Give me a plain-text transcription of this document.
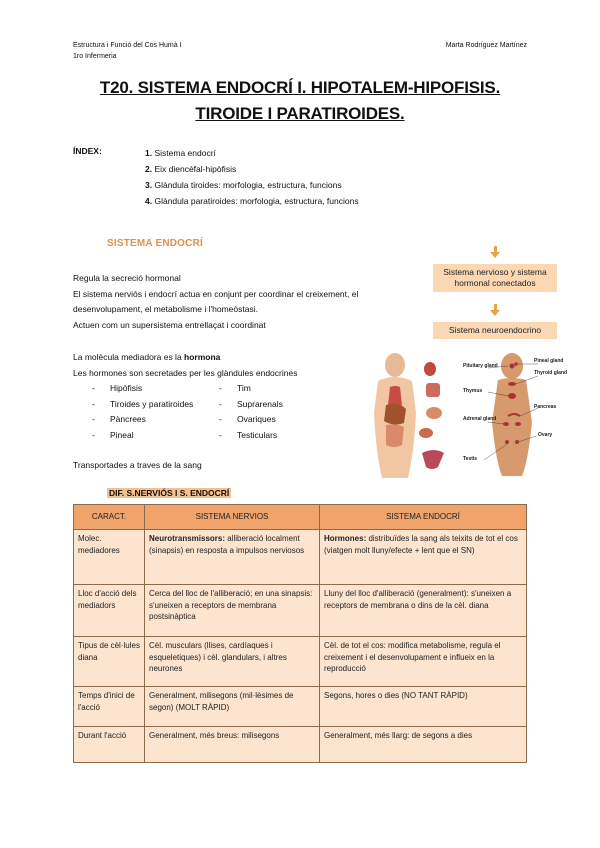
Estructura i Funció del Cos Humà I
1ro Infermeria
Marta Rodríguez Martínez
T20. SISTEMA ENDOCRÍ I. HIPOTALEM-HIPOFISIS.
TIROIDE I PARATIROIDES.
ÍNDEX:	1. Sistema endocrí
2. Eix diencèfal-hipòfisis
3. Glàndula tiroides: morfologia, estructura, funcions
4. Glàndula paratiroides: morfologia, estructura, funcions
SISTEMA ENDOCRÍ
Regula la secreció hormonal
El sistema nerviós i endocrí actua en conjunt per coordinar el creixement, el
desenvolupament, el metabolisme i l'homeòstasi.
Actuen com un supersistema entrellaçat i coordinat
La molècula mediadora es la hormona
Les hormones son secretades per les glàndules endocrines
- Hipòfisis
- Tiroides y paratiroides
- Pàncrees
- Pineal
- Tim
- Suprarenals
- Ovariques
- Testiculars
Transportades a traves de la sang
Sistema nervioso y sistema hormonal conectados
Sistema neuroendocrino
Pituitary gland
Thymus
Adrenal gland
Testis
Pineal gland
Thyroid gland
Pancreas
Ovary
DIF. S.NERVIÓS I S. ENDOCRÍ
CARACT.	SISTEMA NERVIOS	SISTEMA ENDOCRÍ
Molec. mediadores	Neurotransmissors: alliberació localment (sinapsis) en resposta a impulsos nerviosos	Hormones: distribuïdes la sang als teixits de tot el cos (viatgen molt lluny/efecte + lent que el SN)
Lloc d'acció dels mediadors	Cerca del lloc de l'alliberació; en una sinapsis: s'uneixen a receptors de membrana postsinàptica	Lluny del lloc d'alliberació (generalment): s'uneixen a receptors de membrana o dins de la cèl. diana
Tipus de cèl·lules diana	Cèl. musculars (llises, cardíaques i esqueletiques) i cèl. glandulars, i altres neurones	Cèl. de tot el cos: modifica metabolisme, regula el creixement i el desenvolupament e influeix en la reproducció
Temps d'inici de l'acció	Generalment, milisegons (mil·lèsimes de segon) (MOLT RÀPID)	Segons, hores o dies (NO TANT RÀPID)
Durant l'acció	Generalment, més breus: milisegons	Generalment, més llarg: de segons a dies
